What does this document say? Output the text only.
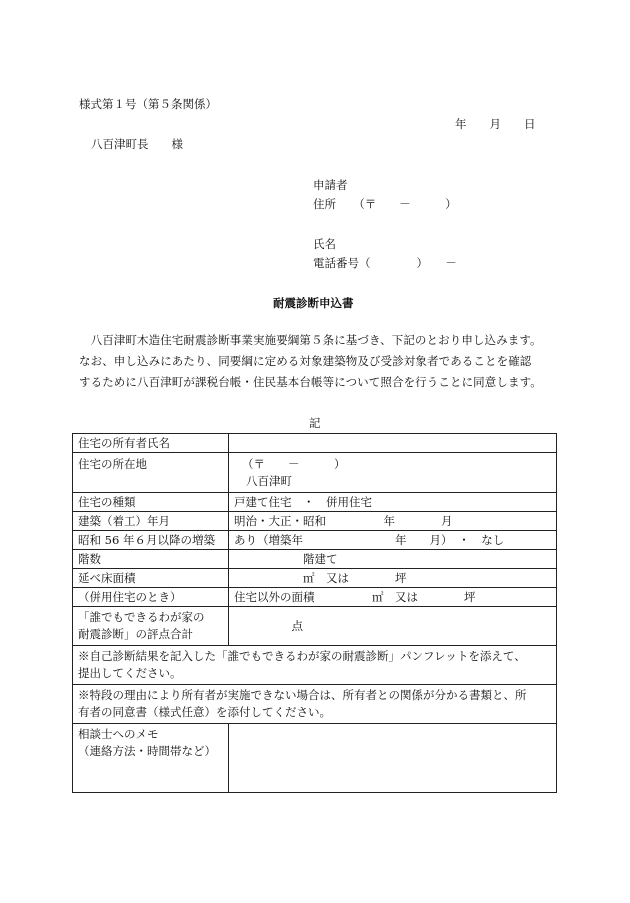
様式第１号（第５条関係）
年　　月　　日
八百津町長　　様
申請者
住所　　（〒　　－　　　）
氏名
電話番号（　　　　）　　－
耐震診断申込書
　八百津町木造住宅耐震診断事業実施要綱第５条に基づき、下記のとおり申し込みます。
なお、申し込みにあたり、同要綱に定める対象建築物及び受診対象者であることを確認
するために八百津町が課税台帳・住民基本台帳等について照合を行うことに同意します。
記
住宅の所有者氏名	
住宅の所在地	（〒　　－　　　）
八百津町

住宅の種類	戸建て住宅　・　併用住宅
建築（着工）年月	明治・大正・昭和　　　　　年　　　　月
昭和 56 年６月以降の増築	あり（増築年　　　　　　　　年　　月）　・　なし
階数	　　　　　　階建て
延べ床面積	　　　　　　㎡　又は　　　　坪
（併用住宅のとき）	住宅以外の面積　　　　　㎡　又は　　　　坪

「誰でもできるわが家の
耐震診断」の評点合計	　　　　　点

※自己診断結果を記入した「誰でもできるわが家の耐震診断」パンフレットを添えて、
提出してください。	

※特段の理由により所有者が実施できない場合は、所有者との関係が分かる書類と、所
有者の同意書（様式任意）を添付してください。	

相談士へのメモ
（連絡方法・時間帯など）	
